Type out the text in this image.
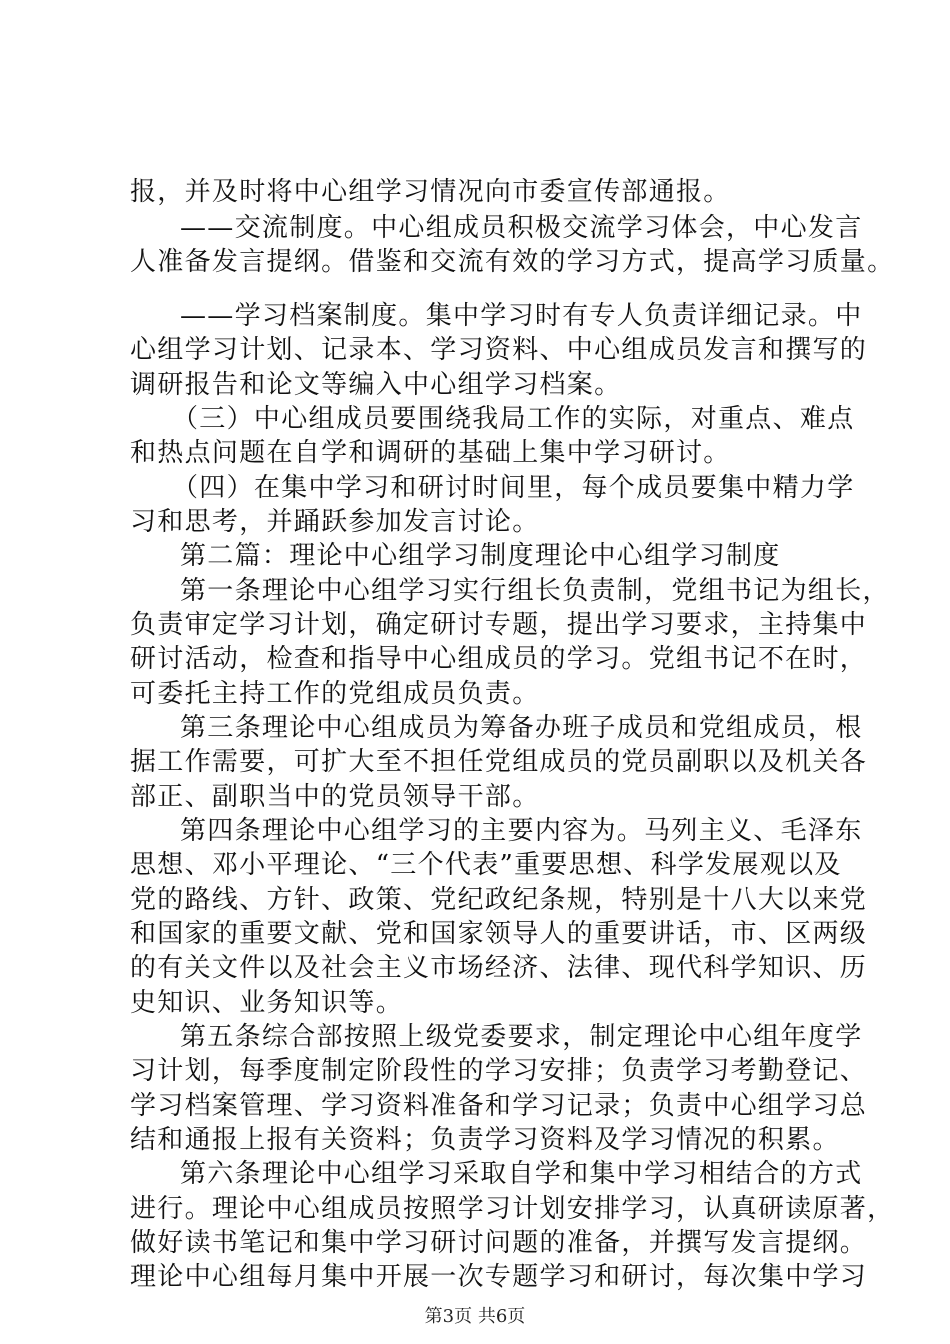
报，并及时将中心组学习情况向市委宣传部通报。
——交流制度。中心组成员积极交流学习体会，中心发言
人准备发言提纲。借鉴和交流有效的学习方式，提高学习质量。
——学习档案制度。集中学习时有专人负责详细记录。中
心组学习计划、记录本、学习资料、中心组成员发言和撰写的
调研报告和论文等编入中心组学习档案。
（三）中心组成员要围绕我局工作的实际，对重点、难点
和热点问题在自学和调研的基础上集中学习研讨。
（四）在集中学习和研讨时间里，每个成员要集中精力学
习和思考，并踊跃参加发言讨论。
第二篇：理论中心组学习制度理论中心组学习制度
第一条理论中心组学习实行组长负责制，党组书记为组长，
负责审定学习计划，确定研讨专题，提出学习要求，主持集中
研讨活动，检查和指导中心组成员的学习。党组书记不在时，
可委托主持工作的党组成员负责。
第三条理论中心组成员为筹备办班子成员和党组成员，根
据工作需要，可扩大至不担任党组成员的党员副职以及机关各
部正、副职当中的党员领导干部。
第四条理论中心组学习的主要内容为。马列主义、毛泽东
思想、邓小平理论、“三个代表”重要思想、科学发展观以及
党的路线、方针、政策、党纪政纪条规，特别是十八大以来党
和国家的重要文献、党和国家领导人的重要讲话，市、区两级
的有关文件以及社会主义市场经济、法律、现代科学知识、历
史知识、业务知识等。
第五条综合部按照上级党委要求，制定理论中心组年度学
习计划，每季度制定阶段性的学习安排；负责学习考勤登记、
学习档案管理、学习资料准备和学习记录；负责中心组学习总
结和通报上报有关资料；负责学习资料及学习情况的积累。
第六条理论中心组学习采取自学和集中学习相结合的方式
进行。理论中心组成员按照学习计划安排学习，认真研读原著，
做好读书笔记和集中学习研讨问题的准备，并撰写发言提纲。
理论中心组每月集中开展一次专题学习和研讨，每次集中学习
第3页 共6页
